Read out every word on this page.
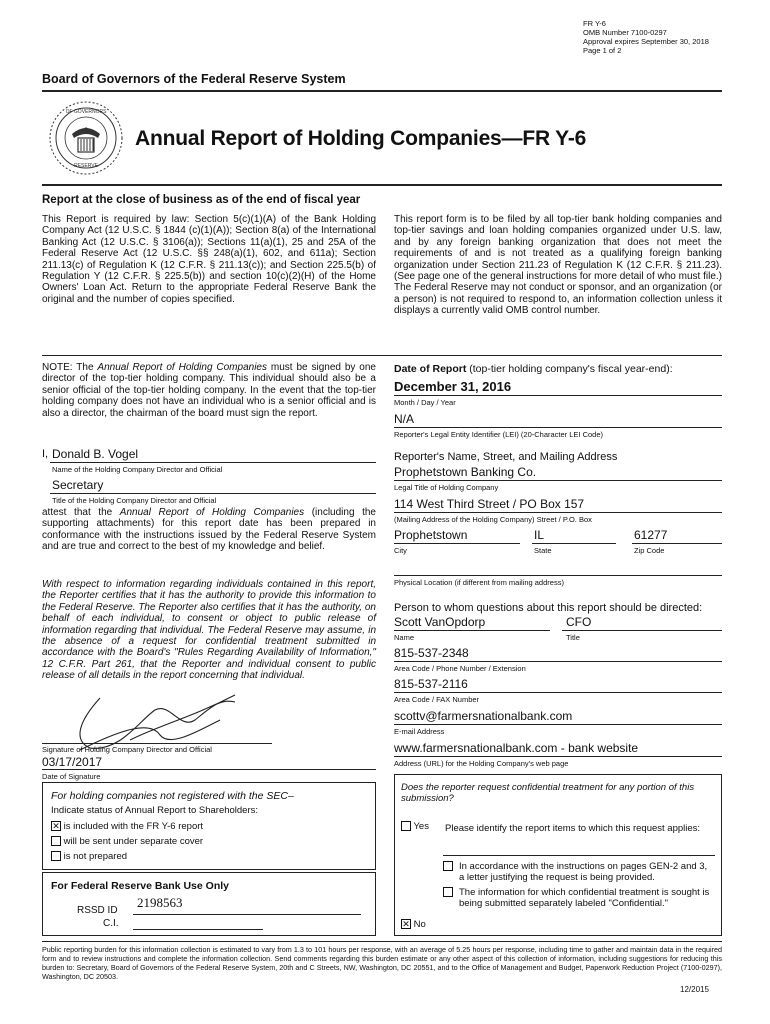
FR Y-6
OMB Number 7100-0297
Approval expires September 30, 2018
Page 1 of 2
Board of Governors of the Federal Reserve System
OF GOVERNORS
RESERVE
Annual Report of Holding Companies—FR Y-6
Report at the close of business as of the end of fiscal year
This Report is required by law: Section 5(c)(1)(A) of the Bank Holding Company Act (12 U.S.C. § 1844 (c)(1)(A)); Section 8(a) of the International Banking Act (12 U.S.C. § 3106(a)); Sections 11(a)(1), 25 and 25A of the Federal Reserve Act (12 U.S.C. §§ 248(a)(1), 602, and 611a); Section 211.13(c) of Regulation K (12 C.F.R. § 211.13(c)); and Section 225.5(b) of Regulation Y (12 C.F.R. § 225.5(b)) and section 10(c)(2)(H) of the Home Owners' Loan Act. Return to the appropriate Federal Reserve Bank the original and the number of copies specified.
This report form is to be filed by all top-tier bank holding companies and top-tier savings and loan holding companies organized under U.S. law, and by any foreign banking organization that does not meet the requirements of and is not treated as a qualifying foreign banking organization under Section 211.23 of Regulation K (12 C.F.R. § 211.23). (See page one of the general instructions for more detail of who must file.) The Federal Reserve may not conduct or sponsor, and an organization (or a person) is not required to respond to, an information collection unless it displays a currently valid OMB control number.
NOTE: The Annual Report of Holding Companies must be signed by one director of the top-tier holding company. This individual should also be a senior official of the top-tier holding company. In the event that the top-tier holding company does not have an individual who is a senior official and is also a director, the chairman of the board must sign the report.
I, Donald B. Vogel
Name of the Holding Company Director and Official
Secretary
Title of the Holding Company Director and Official
attest that the Annual Report of Holding Companies (including the supporting attachments) for this report date has been prepared in conformance with the instructions issued by the Federal Reserve System and are true and correct to the best of my knowledge and belief.
With respect to information regarding individuals contained in this report, the Reporter certifies that it has the authority to provide this information to the Federal Reserve. The Reporter also certifies that it has the authority, on behalf of each individual, to consent or object to public release of information regarding that individual. The Federal Reserve may assume, in the absence of a request for confidential treatment submitted in accordance with the Board's "Rules Regarding Availability of Information," 12 C.F.R. Part 261, that the Reporter and individual consent to public release of all details in the report concerning that individual.
Signature of Holding Company Director and Official
03/17/2017
Date of Signature
For holding companies not registered with the SEC–
Indicate status of Annual Report to Shareholders:
✕ is included with the FR Y-6 report
will be sent under separate cover
is not prepared
For Federal Reserve Bank Use Only
RSSD ID
2198563
C.I.
Date of Report (top-tier holding company's fiscal year-end):
December 31, 2016
Month / Day / Year
N/A
Reporter's Legal Entity Identifier (LEI) (20-Character LEI Code)
Reporter's Name, Street, and Mailing Address
Prophetstown Banking Co.
Legal Title of Holding Company
114 West Third Street / PO Box 157
(Mailing Address of the Holding Company) Street / P.O. Box
Prophetstown	IL	61277
City	State	Zip Code
Physical Location (if different from mailing address)
Person to whom questions about this report should be directed:
Scott VanOpdorp	CFO
Name	Title
815-537-2348
Area Code / Phone Number / Extension
815-537-2116
Area Code / FAX Number
scottv@farmersnationalbank.com
E-mail Address
www.farmersnationalbank.com - bank website
Address (URL) for the Holding Company's web page
Does the reporter request confidential treatment for any portion of this submission?
Yes Please identify the report items to which this request applies:
In accordance with the instructions on pages GEN-2 and 3, a letter justifying the request is being provided.
The information for which confidential treatment is sought is being submitted separately labeled "Confidential."
✕ No
Public reporting burden for this information collection is estimated to vary from 1.3 to 101 hours per response, with an average of 5.25 hours per response, including time to gather and maintain data in the required form and to review instructions and complete the information collection. Send comments regarding this burden estimate or any other aspect of this collection of information, including suggestions for reducing this burden to: Secretary, Board of Governors of the Federal Reserve System, 20th and C Streets, NW, Washington, DC 20551, and to the Office of Management and Budget, Paperwork Reduction Project (7100-0297), Washington, DC 20503.
12/2015
